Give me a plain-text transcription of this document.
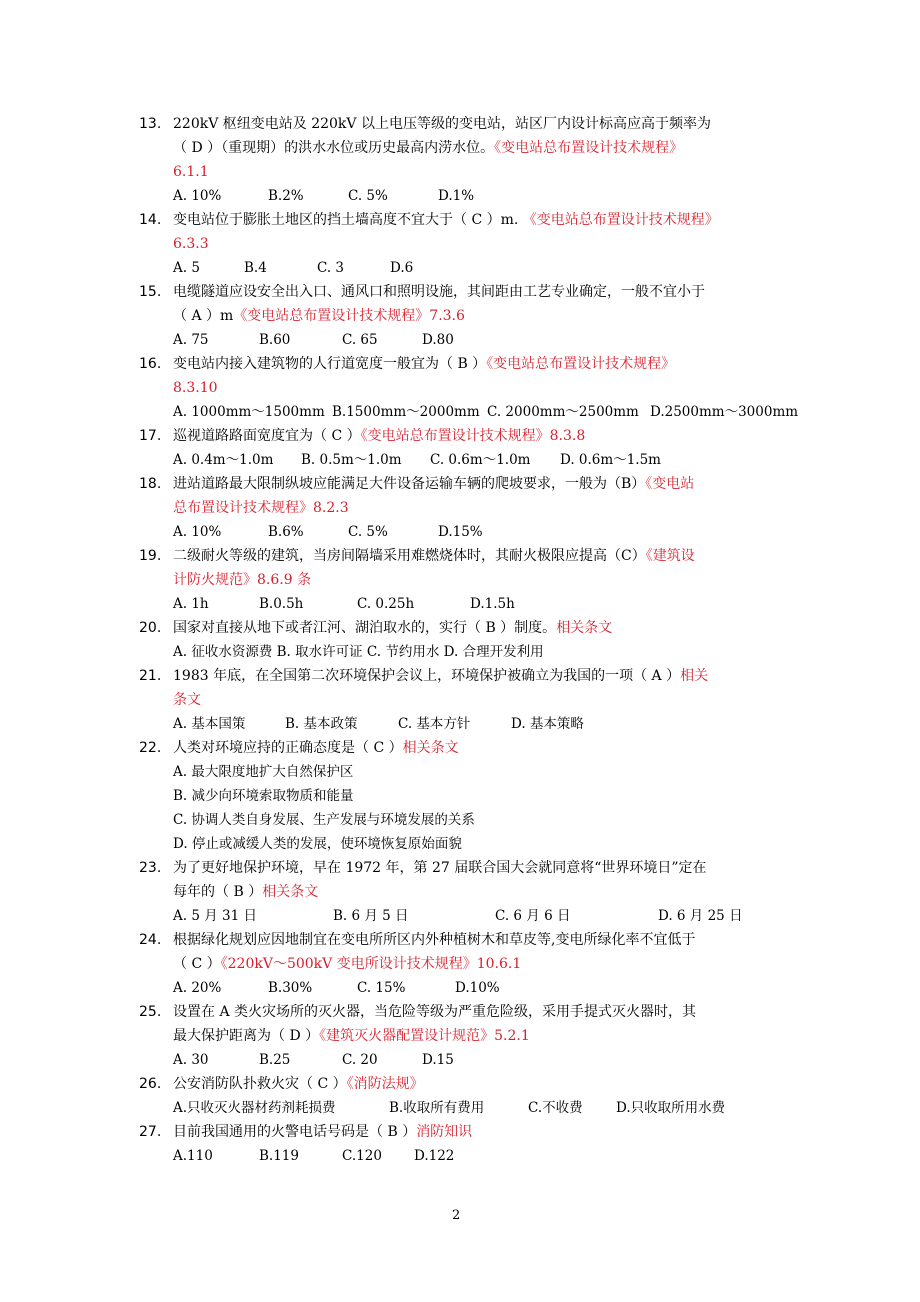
13. 220kV 枢纽变电站及 220kV 以上电压等级的变电站，站区厂内设计标高应高于频率为
（ D ）（重现期）的洪水水位或历史最高内涝水位。《变电站总布置设计技术规程》
6.1.1
A. 10%	B.2%	C. 5%	D.1%
14. 变电站位于膨胀土地区的挡土墙高度不宜大于（ C ）m. 《变电站总布置设计技术规程》
6.3.3
A. 5	B.4	C. 3	D.6
15. 电缆隧道应设安全出入口、通风口和照明设施，其间距由工艺专业确定，一般不宜小于
（ A ）m《变电站总布置设计技术规程》7.3.6
A. 75	B.60	C. 65	D.80
16. 变电站内接入建筑物的人行道宽度一般宜为（ B ）《变电站总布置设计技术规程》
8.3.10
A. 1000mm～1500mm B.1500mm～2000mm C. 2000mm～2500mm D.2500mm～3000mm
17. 巡视道路路面宽度宜为（ C ）《变电站总布置设计技术规程》8.3.8
A. 0.4m～1.0m B. 0.5m～1.0m C. 0.6m～1.0m D. 0.6m～1.5m
18. 进站道路最大限制纵坡应能满足大件设备运输车辆的爬坡要求，一般为（B）《变电站
总布置设计技术规程》8.2.3
A. 10%	B.6%	C. 5%	D.15%
19. 二级耐火等级的建筑，当房间隔墙采用难燃烧体时，其耐火极限应提高（C）《建筑设
计防火规范》8.6.9 条
A. 1h	B.0.5h	C. 0.25h	D.1.5h
20. 国家对直接从地下或者江河、湖泊取水的，实行（ B ）制度。相关条文
A. 征收水资源费 B. 取水许可证 C. 节约用水 D. 合理开发利用
21. 1983 年底，在全国第二次环境保护会议上，环境保护被确立为我国的一项（ A ）相关
条文
A. 基本国策	B. 基本政策	C. 基本方针	D. 基本策略
22. 人类对环境应持的正确态度是（ C ）相关条文
A. 最大限度地扩大自然保护区
B. 减少向环境索取物质和能量
C. 协调人类自身发展、生产发展与环境发展的关系
D. 停止或减缓人类的发展，使环境恢复原始面貌
23. 为了更好地保护环境，早在 1972 年，第 27 届联合国大会就同意将“世界环境日”定在
每年的（ B ）相关条文
A. 5 月 31 日	B. 6 月 5 日	C. 6 月 6 日	D. 6 月 25 日
24. 根据绿化规划应因地制宜在变电所所区内外种植树木和草皮等,变电所绿化率不宜低于
（ C ）《220kV～500kV 变电所设计技术规程》10.6.1
A. 20%	B.30%	C. 15%	D.10%
25. 设置在 A 类火灾场所的灭火器，当危险等级为严重危险级，采用手提式灭火器时，其
最大保护距离为（ D ）《建筑灭火器配置设计规范》5.2.1
A. 30	B.25	C. 20	D.15
26. 公安消防队扑救火灾（ C ）《消防法规》
A.只收灭火器材药剂耗损费	B.收取所有费用	C.不收费 D.只收取所用水费
27. 目前我国通用的火警电话号码是（ B ）消防知识
A.110	B.119	C.120 D.122
2
